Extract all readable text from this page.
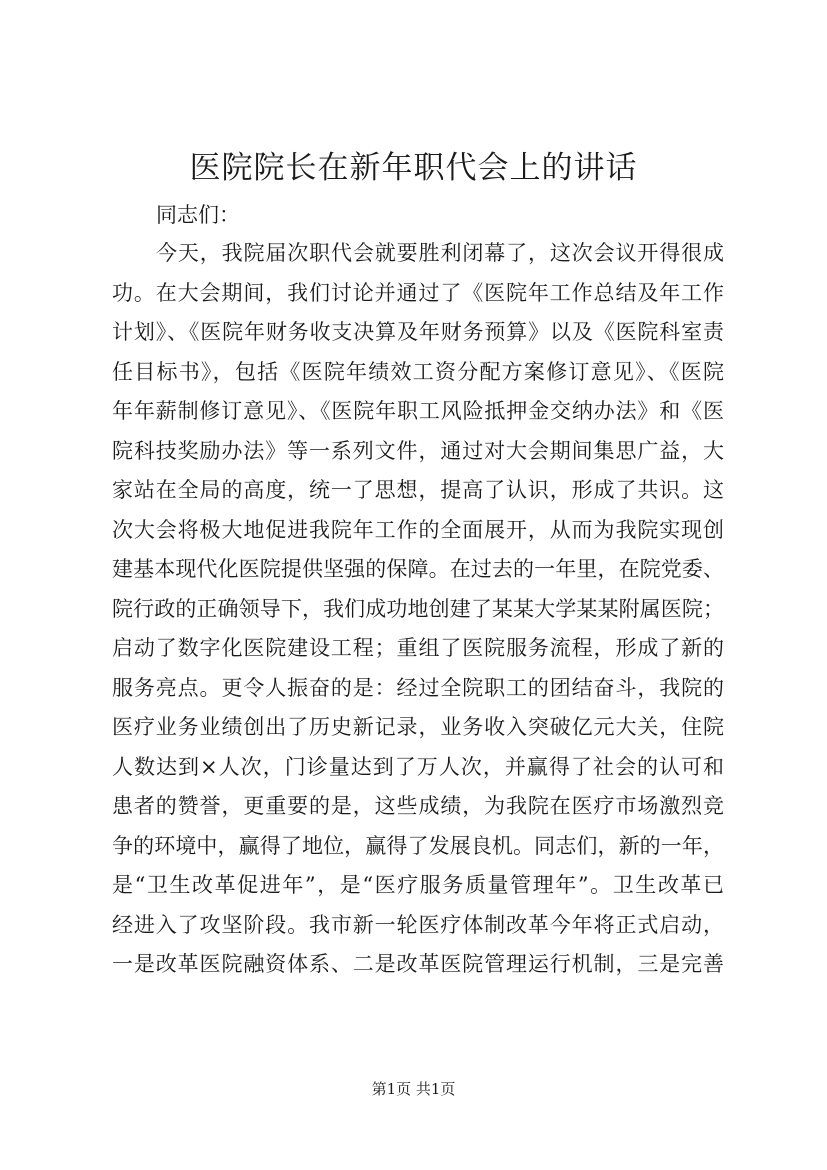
医院院长在新年职代会上的讲话

同志们：

今天，我院届次职代会就要胜利闭幕了，这次会议开得很成
功。在大会期间，我们讨论并通过了《医院年工作总结及年工作
计划》、《医院年财务收支决算及年财务预算》以及《医院科室责
任目标书》，包括《医院年绩效工资分配方案修订意见》、《医院
年年薪制修订意见》、《医院年职工风险抵押金交纳办法》和《医
院科技奖励办法》等一系列文件，通过对大会期间集思广益，大
家站在全局的高度，统一了思想，提高了认识，形成了共识。这
次大会将极大地促进我院年工作的全面展开，从而为我院实现创
建基本现代化医院提供坚强的保障。在过去的一年里，在院党委、
院行政的正确领导下，我们成功地创建了某某大学某某附属医院；
启动了数字化医院建设工程；重组了医院服务流程，形成了新的
服务亮点。更令人振奋的是：经过全院职工的团结奋斗，我院的
医疗业务业绩创出了历史新记录，业务收入突破亿元大关，住院
人数达到×人次，门诊量达到了万人次，并赢得了社会的认可和
患者的赞誉，更重要的是，这些成绩，为我院在医疗市场激烈竞
争的环境中，赢得了地位，赢得了发展良机。同志们，新的一年，
是“卫生改革促进年”，是“医疗服务质量管理年”。卫生改革已
经进入了攻坚阶段。我市新一轮医疗体制改革今年将正式启动，
一是改革医院融资体系、二是改革医院管理运行机制，三是完善

第1页 共1页
